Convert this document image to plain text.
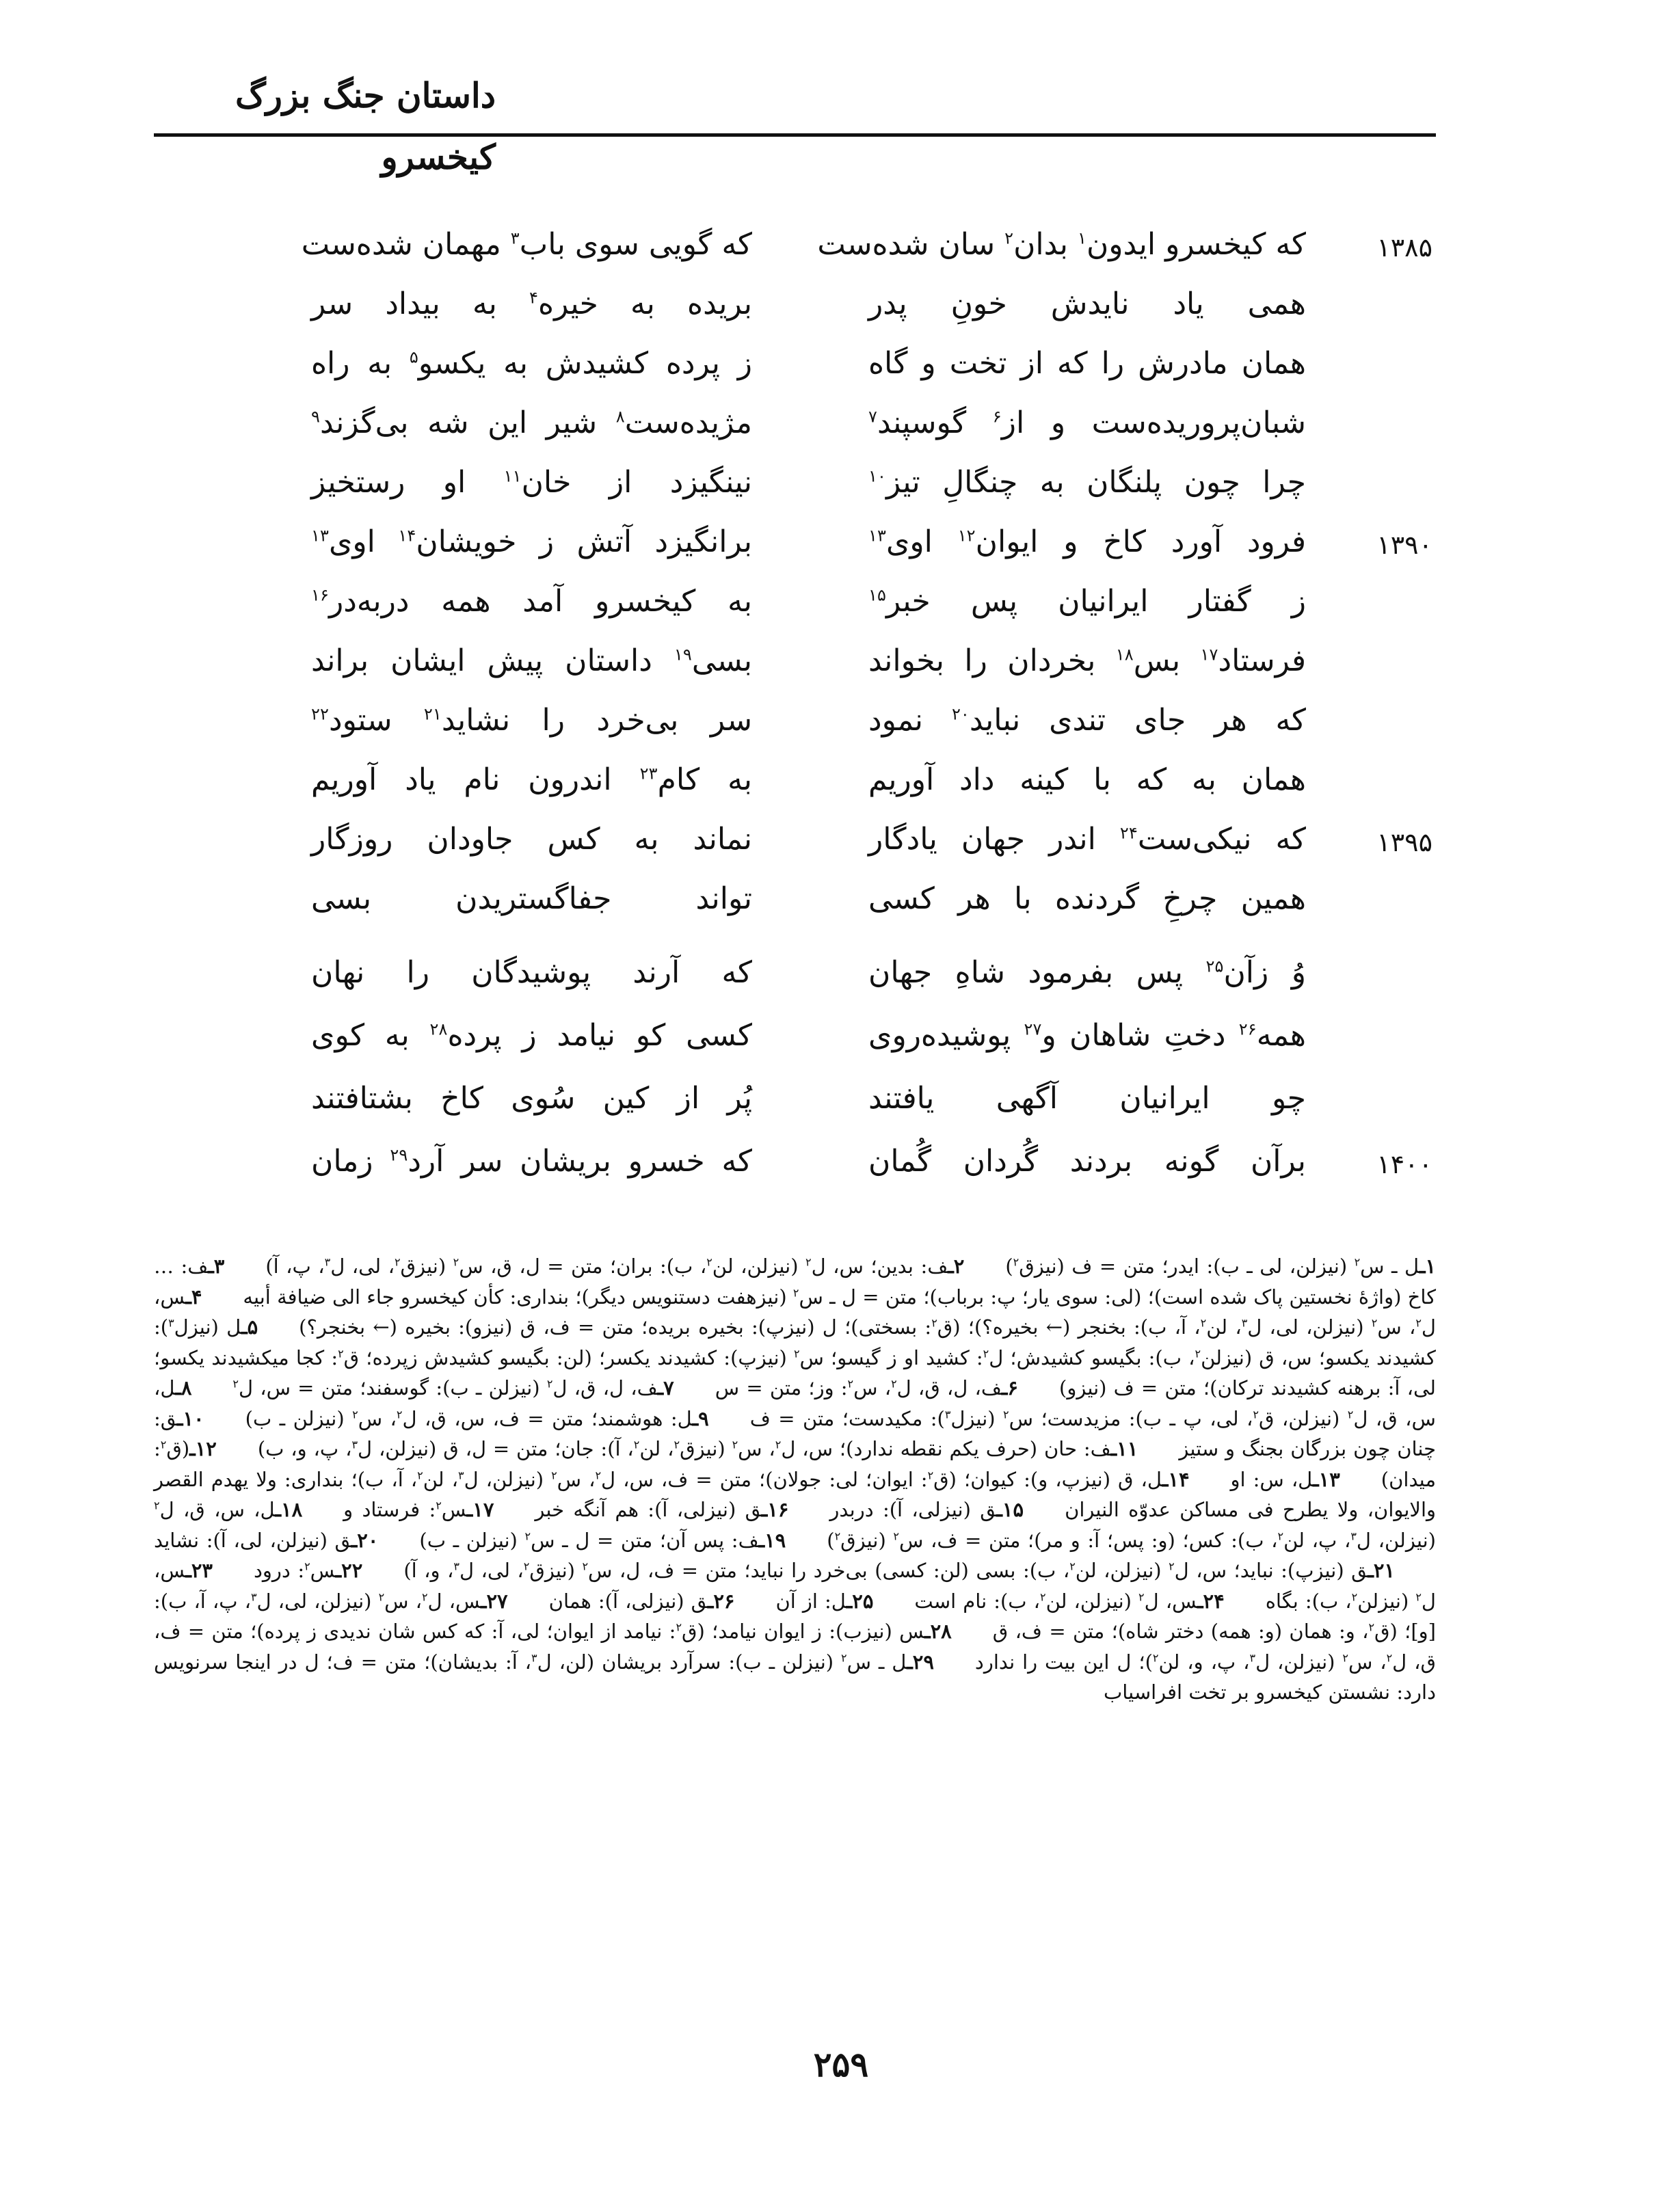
داستان جنگ بزرگ کیخسرو
۱۳۸۵
که کیخسرو ایدون$^۱$ بدان$^۲$ سان شده‌ست
که گویی سوی باب$^۳$ مهمان شده‌ست
همی یاد نایدش خونِ پدر
بریده به خیره$^۴$ به بیداد سر
همان مادرش را که از تخت و گاه
ز پرده کشیدش به یکسو$^۵$ به راه
شبان‌پروریده‌ست و از$^۶$ گوسپند$^۷$
مژیده‌ست$^۸$ شیر این شه بی‌گزند$^۹$
چرا چون پلنگان به چنگالِ تیز$^{۱۰}$
نینگیزد از خان$^{۱۱}$ او رستخیز
۱۳۹۰
فرود آورد کاخ و ایوان$^{۱۲}$ اوی$^{۱۳}$
برانگیزد آتش ز خویشان$^{۱۴}$ اوی$^{۱۳}$
ز گفتار ایرانیان پس خبر$^{۱۵}$
به کیخسرو آمد همه دربه‌در$^{۱۶}$
فرستاد$^{۱۷}$ بس$^{۱۸}$ بخردان را بخواند
بسی$^{۱۹}$ داستان پیش ایشان براند
که هر جای تندی نباید$^{۲۰}$ نمود
سر بی‌خرد را نشاید$^{۲۱}$ ستود$^{۲۲}$
همان به که با کینه داد آوریم
به کام$^{۲۳}$ اندرون نام یاد آوریم
۱۳۹۵
که نیکی‌ست$^{۲۴}$ اندر جهان یادگار
نماند به کس جاودان روزگار
همین چرخِ گردنده با هر کسی
تواند جفاگستریدن بسی
وُ زآن$^{۲۵}$ پس بفرمود شاهِ جهان
که آرند پوشیدگان را نهان
همه$^{۲۶}$ دختِ شاهان و$^{۲۷}$ پوشیده‌روی
کسی کو نیامد ز پرده$^{۲۸}$ به کوی
چو ایرانیان آگهی یافتند
پُر از کین سُوی کاخ بشتافتند
۱۴۰۰
برآن گونه بردند گُردان گُمان
که خسرو بریشان سر آرد$^{۲۹}$ زمان
۱ـل ـ س$^۲$ (نیزلن، لی ـ ب): ایدر؛ متن = ف (نیزق$^۲$)۲ـف: بدین؛ س، ل$^۲$ (نیزلن، لن$^۲$، ب): بران؛ متن = ل، ق، س$^۲$ (نیزق$^۲$، لی، ل$^۳$، پ، آ)۳ـف: … کاخ (واژهٔ نخستین پاک شده است)؛ (لی: سوی یار؛ پ: برباب)؛ متن = ل ـ س$^۲$ (نیزهفت دستنویس دیگر)؛ بنداری: کأن کیخسرو جاء الی ضیافة أبیه۴ـس، ل$^۲$، س$^۲$ (نیزلن، لی، ل$^۳$، لن$^۲$، آ، ب): بخنجر (← بخیره؟)؛ (ق$^۲$: بسختی)؛ ل (نیزپ): بخیره بریده؛ متن = ف، ق (نیزو): بخیره (← بخنجر؟)۵ـل (نیزل$^۳$): کشیدند یکسو؛ س، ق (نیزلن$^۲$، ب): بگیسو کشیدش؛ ل$^۲$: کشید او ز گیسو؛ س$^۲$ (نیزپ): کشیدند یکسر؛ (لن: بگیسو کشیدش زپرده؛ ق$^۲$: کجا میکشیدند یکسو؛ لی، آ: برهنه کشیدند ترکان)؛ متن = ف (نیزو)۶ـف، ل، ق، ل$^۲$، س$^۲$: وز؛ متن = س۷ـف، ل، ق، ل$^۲$ (نیزلن ـ ب): گوسفند؛ متن = س، ل$^۲$۸ـل، س، ق، ل$^۲$ (نیزلن، ق$^۲$، لی، پ ـ ب): مزیدست؛ س$^۲$ (نیزل$^۳$): مکیدست؛ متن = ف۹ـل: هوشمند؛ متن = ف، س، ق، ل$^۲$، س$^۲$ (نیزلن ـ ب)۱۰ـق: چنان چون بزرگان بجنگ و ستیز۱۱ـف: حان (حرف یکم نقطه ندارد)؛ س، ل$^۲$، س$^۲$ (نیزق$^۲$، لن$^۲$، آ): جان؛ متن = ل، ق (نیزلن، ل$^۳$، پ، و، ب)۱۲ـ(ق$^۲$: میدان)۱۳ـل، س: او۱۴ـل، ق (نیزپ، و): کیوان؛ (ق$^۲$: ایوان؛ لی: جولان)؛ متن = ف، س، ل$^۲$، س$^۲$ (نیزلن، ل$^۳$، لن$^۲$، آ، ب)؛ بنداری: ولا یهدم القصر والایوان، ولا یطرح فی مساکن عدوّه النیران۱۵ـق (نیزلی، آ): دربدر۱۶ـق (نیزلی، آ): هم آنگه خبر۱۷ـس$^۲$: فرستاد و۱۸ـل، س، ق، ل$^۲$ (نیزلن، ل$^۳$، پ، لن$^۲$، ب): کس؛ (و: پس؛ آ: و مر)؛ متن = ف، س$^۲$ (نیزق$^۲$)۱۹ـف: پس آن؛ متن = ل ـ س$^۲$ (نیزلن ـ ب)۲۰ـق (نیزلن، لی، آ): نشاید۲۱ـق (نیزپ): نباید؛ س، ل$^۲$ (نیزلن، لن$^۲$، ب): بسی (لن: کسی) بی‌خرد را نباید؛ متن = ف، ل، س$^۲$ (نیزق$^۲$، لی، ل$^۳$، و، آ)۲۲ـس$^۲$: درود۲۳ـس، ل$^۲$ (نیزلن$^۲$، ب): بگاه۲۴ـس، ل$^۲$ (نیزلن، لن$^۲$، ب): نام است۲۵ـل: از آن۲۶ـق (نیزلی، آ): همان۲۷ـس، ل$^۲$، س$^۲$ (نیزلن، لی، ل$^۳$، پ، آ، ب): [و]؛ (ق$^۲$، و: همان (و: همه) دختر شاه)؛ متن = ف، ق۲۸ـس (نیزب): ز ایوان نیامد؛ (ق$^۲$: نیامد از ایوان؛ لی، آ: که کس شان ندیدی ز پرده)؛ متن = ف، ق، ل$^۲$، س$^۲$ (نیزلن، ل$^۳$، پ، و، لن$^۲$)؛ ل این بیت را ندارد۲۹ـل ـ س$^۲$ (نیزلن ـ ب): سرآرد بریشان (لن، ل$^۳$، آ: بدیشان)؛ متن = ف؛ ل در اینجا سرنویس دارد: نشستن کیخسرو بر تخت افراسیاب
۲۵۹
